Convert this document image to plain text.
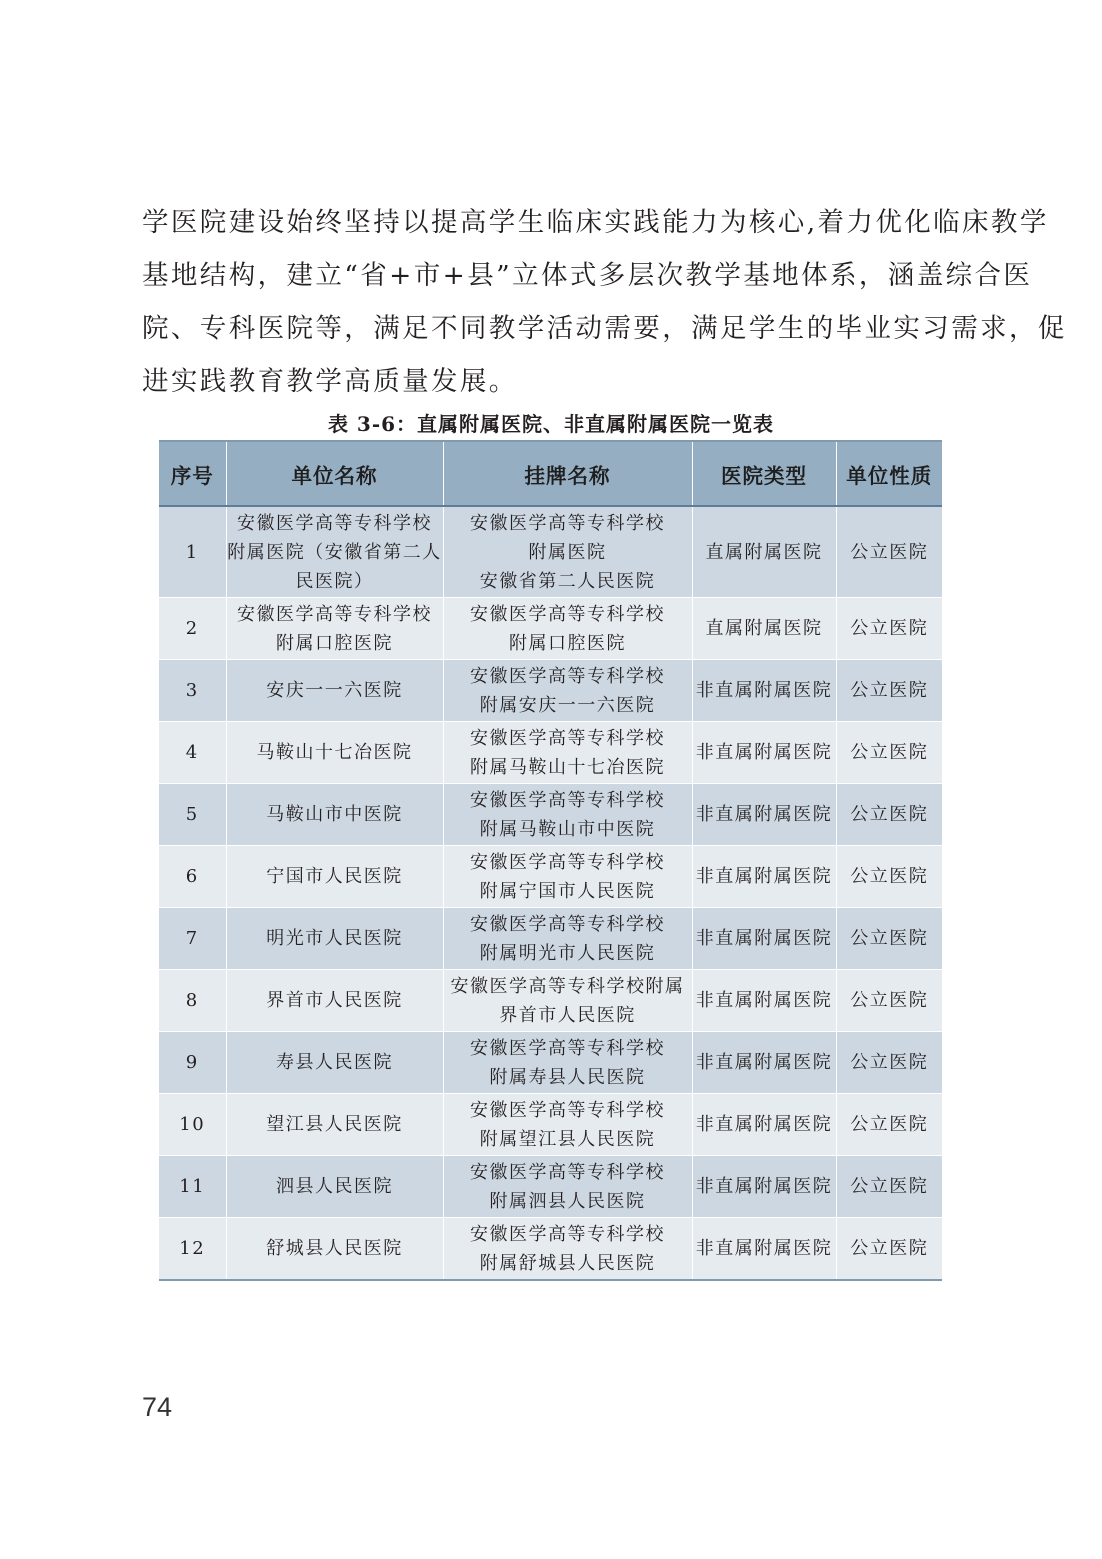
学医院建设始终坚持以提高学生临床实践能力为核心,着力优化临床教学
基地结构，建立“省+市+县”立体式多层次教学基地体系，涵盖综合医
院、专科医院等，满足不同教学活动需要，满足学生的毕业实习需求，促
进实践教育教学高质量发展。

表 3-6：直属附属医院、非直属附属医院一览表
序号	单位名称	挂牌名称	医院类型	单位性质
1	安徽医学高等专科学校
附属医院（安徽省第二人
民医院）	安徽医学高等专科学校
附属医院
安徽省第二人民医院	直属附属医院	公立医院
2	安徽医学高等专科学校
附属口腔医院	安徽医学高等专科学校
附属口腔医院	直属附属医院	公立医院
3	安庆一一六医院	安徽医学高等专科学校
附属安庆一一六医院	非直属附属医院	公立医院
4	马鞍山十七冶医院	安徽医学高等专科学校
附属马鞍山十七冶医院	非直属附属医院	公立医院
5	马鞍山市中医院	安徽医学高等专科学校
附属马鞍山市中医院	非直属附属医院	公立医院
6	宁国市人民医院	安徽医学高等专科学校
附属宁国市人民医院	非直属附属医院	公立医院
7	明光市人民医院	安徽医学高等专科学校
附属明光市人民医院	非直属附属医院	公立医院
8	界首市人民医院	安徽医学高等专科学校附属
界首市人民医院	非直属附属医院	公立医院
9	寿县人民医院	安徽医学高等专科学校
附属寿县人民医院	非直属附属医院	公立医院
10	望江县人民医院	安徽医学高等专科学校
附属望江县人民医院	非直属附属医院	公立医院
11	泗县人民医院	安徽医学高等专科学校
附属泗县人民医院	非直属附属医院	公立医院
12	舒城县人民医院	安徽医学高等专科学校
附属舒城县人民医院	非直属附属医院	公立医院
74
